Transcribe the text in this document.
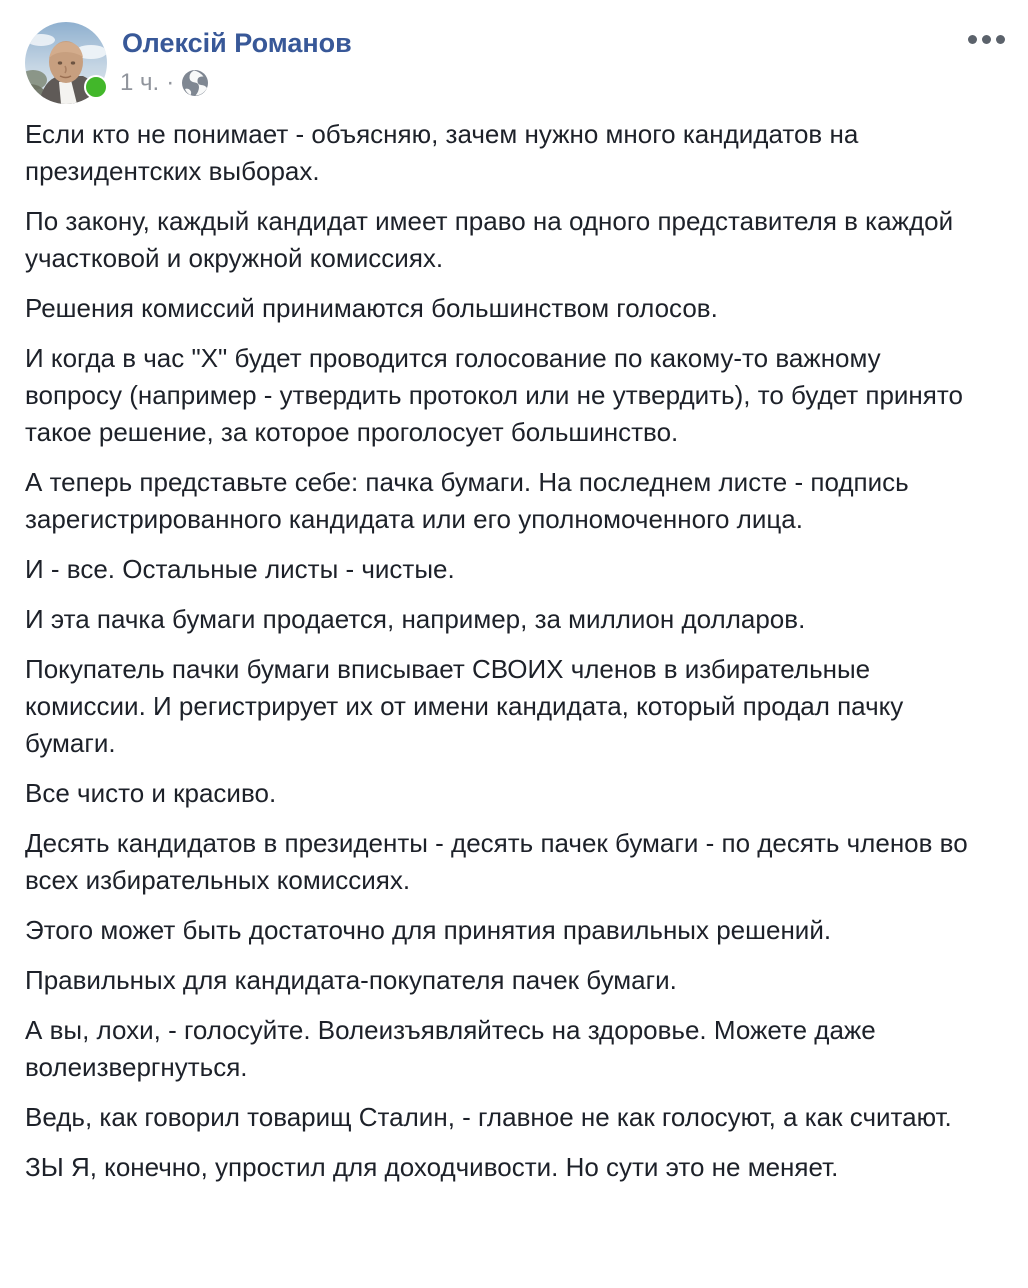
Олексій Романов
1 ч. ·

Если кто не понимает - объясняю, зачем нужно много кандидатов на президентских выборах.

По закону, каждый кандидат имеет право на одного представителя в каждой участковой и окружной комиссиях.

Решения комиссий принимаются большинством голосов.

И когда в час "X" будет проводится голосование по какому-то важному вопросу (например - утвердить протокол или не утвердить), то будет принято такое решение, за которое проголосует большинство.

А теперь представьте себе: пачка бумаги. На последнем листе - подпись зарегистрированного кандидата или его уполномоченного лица.

И - все. Остальные листы - чистые.

И эта пачка бумаги продается, например, за миллион долларов.

Покупатель пачки бумаги вписывает СВОИХ членов в избирательные комиссии. И регистрирует их от имени кандидата, который продал пачку бумаги.

Все чисто и красиво.

Десять кандидатов в президенты - десять пачек бумаги - по десять членов во всех избирательных комиссиях.

Этого может быть достаточно для принятия правильных решений.

Правильных для кандидата-покупателя пачек бумаги.

А вы, лохи, - голосуйте. Волеизъявляйтесь на здоровье. Можете даже волеизвергнуться.

Ведь, как говорил товарищ Сталин, - главное не как голосуют, а как считают.

ЗЫ Я, конечно, упростил для доходчивости. Но сути это не меняет.
